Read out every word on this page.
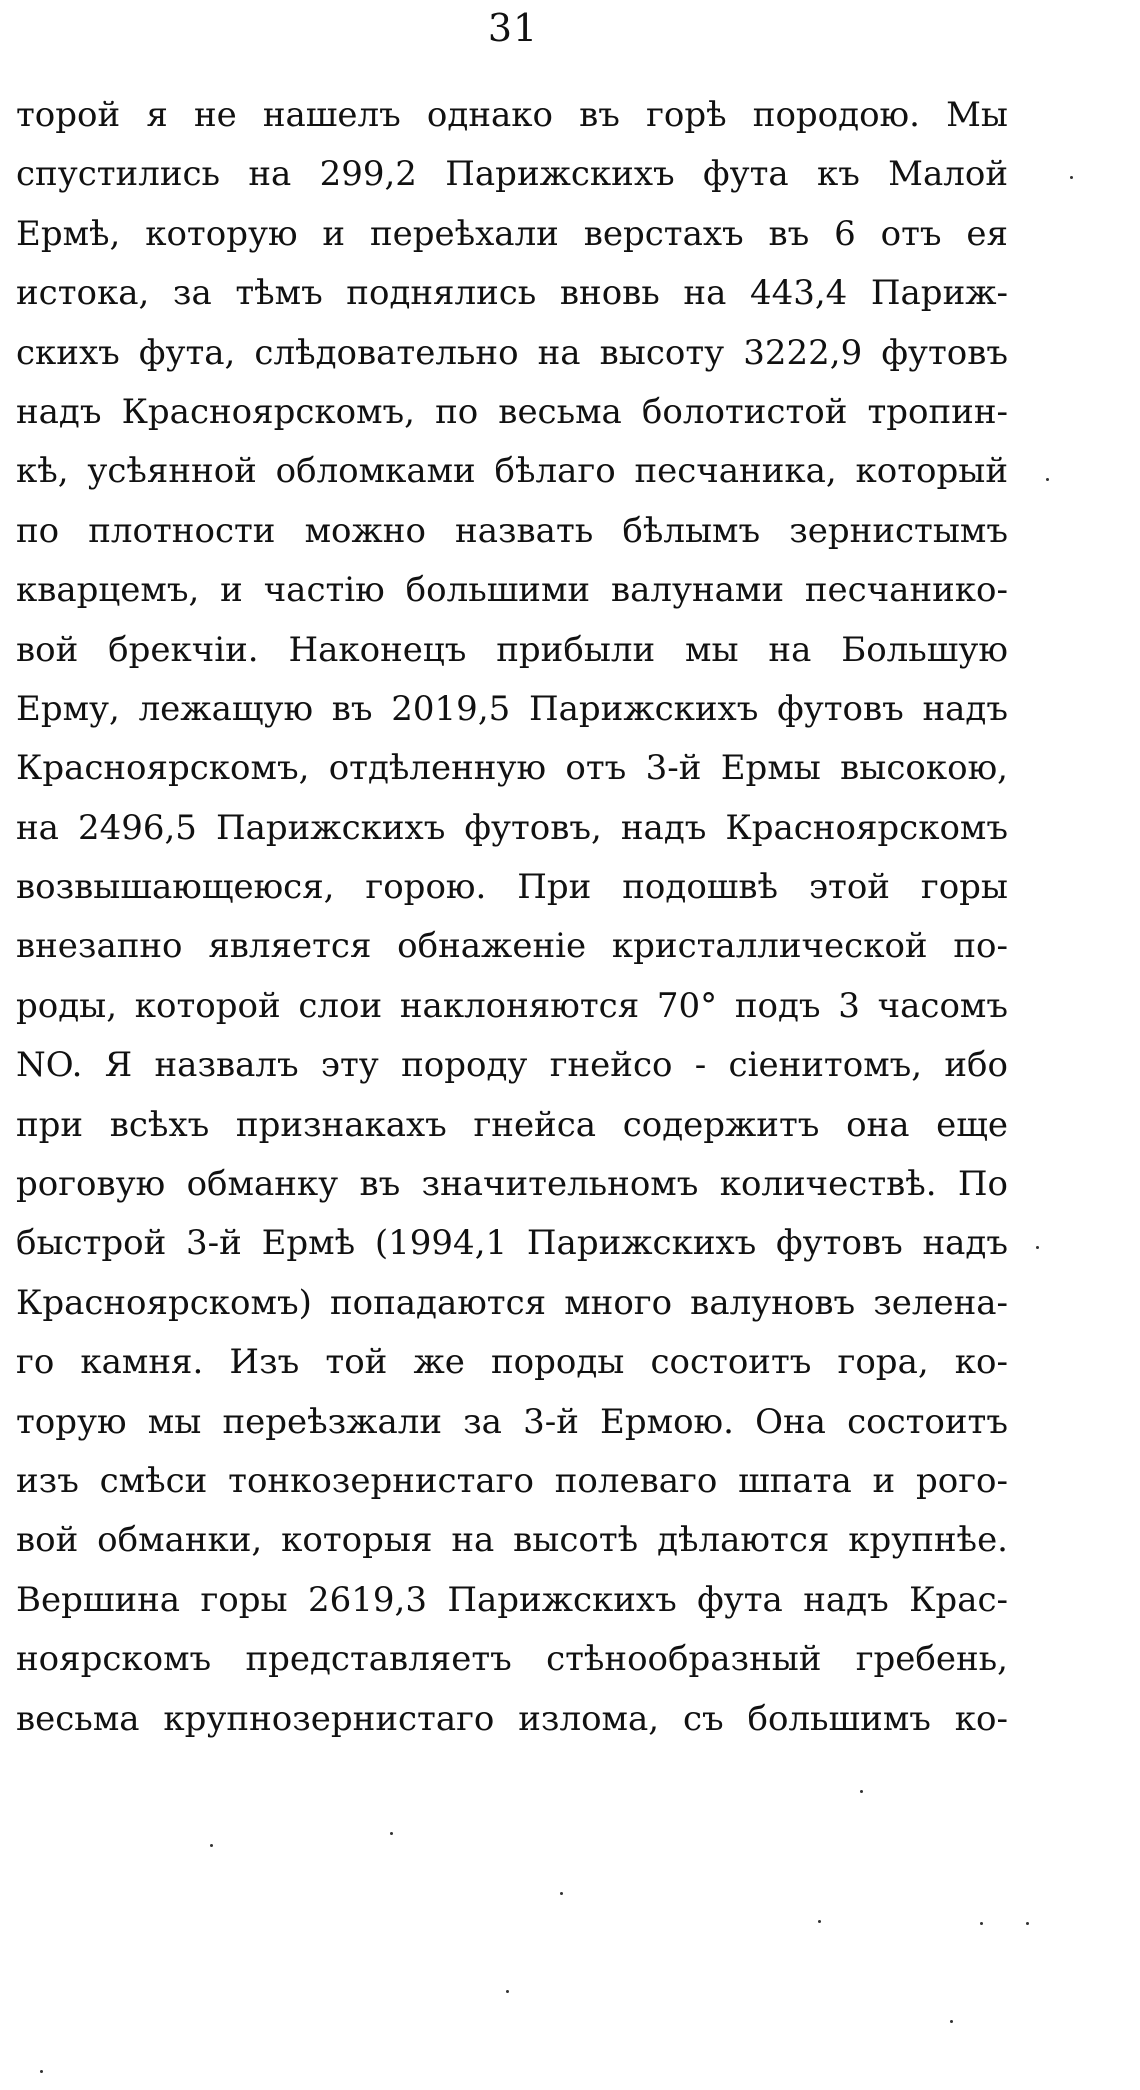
31
торой я не нашелъ однако въ горѣ породою. Мы
спустились на 299,2 Парижскихъ фута къ Малой
Ермѣ, которую и переѣхали верстахъ въ 6 отъ ея
истока, за тѣмъ поднялись вновь на 443,4 Париж-
скихъ фута, слѣдовательно на высоту 3222,9 футовъ
надъ Красноярскомъ, по весьма болотистой тропин-
кѣ, усѣянной обломками бѣлаго песчаника, который
по плотности можно назвать бѣлымъ зернистымъ
кварцемъ, и частію большими валунами песчанико-
вой брекчіи. Наконецъ прибыли мы на Большую
Ерму, лежащую въ 2019,5 Парижскихъ футовъ надъ
Красноярскомъ, отдѣленную отъ 3-й Ермы высокою,
на 2496,5 Парижскихъ футовъ, надъ Красноярскомъ
возвышающеюся, горою. При подошвѣ этой горы
внезапно является обнаженіе кристаллической по-
роды, которой слои наклоняются 70° подъ 3 часомъ
NO. Я назвалъ эту породу гнейсо - сіенитомъ, ибо
при всѣхъ признакахъ гнейса содержитъ она еще
роговую обманку въ значительномъ количествѣ. По
быстрой 3-й Ермѣ (1994,1 Парижскихъ футовъ надъ
Красноярскомъ) попадаются много валуновъ зелена-
го камня. Изъ той же породы состоитъ гора, ко-
торую мы переѣзжали за 3-й Ермою. Она состоитъ
изъ смѣси тонкозернистаго полеваго шпата и рого-
вой обманки, которыя на высотѣ дѣлаются крупнѣе.
Вершина горы 2619,3 Парижскихъ фута надъ Крас-
ноярскомъ представляетъ стѣнообразный гребень,
весьма крупнозернистаго излома, съ большимъ ко-
